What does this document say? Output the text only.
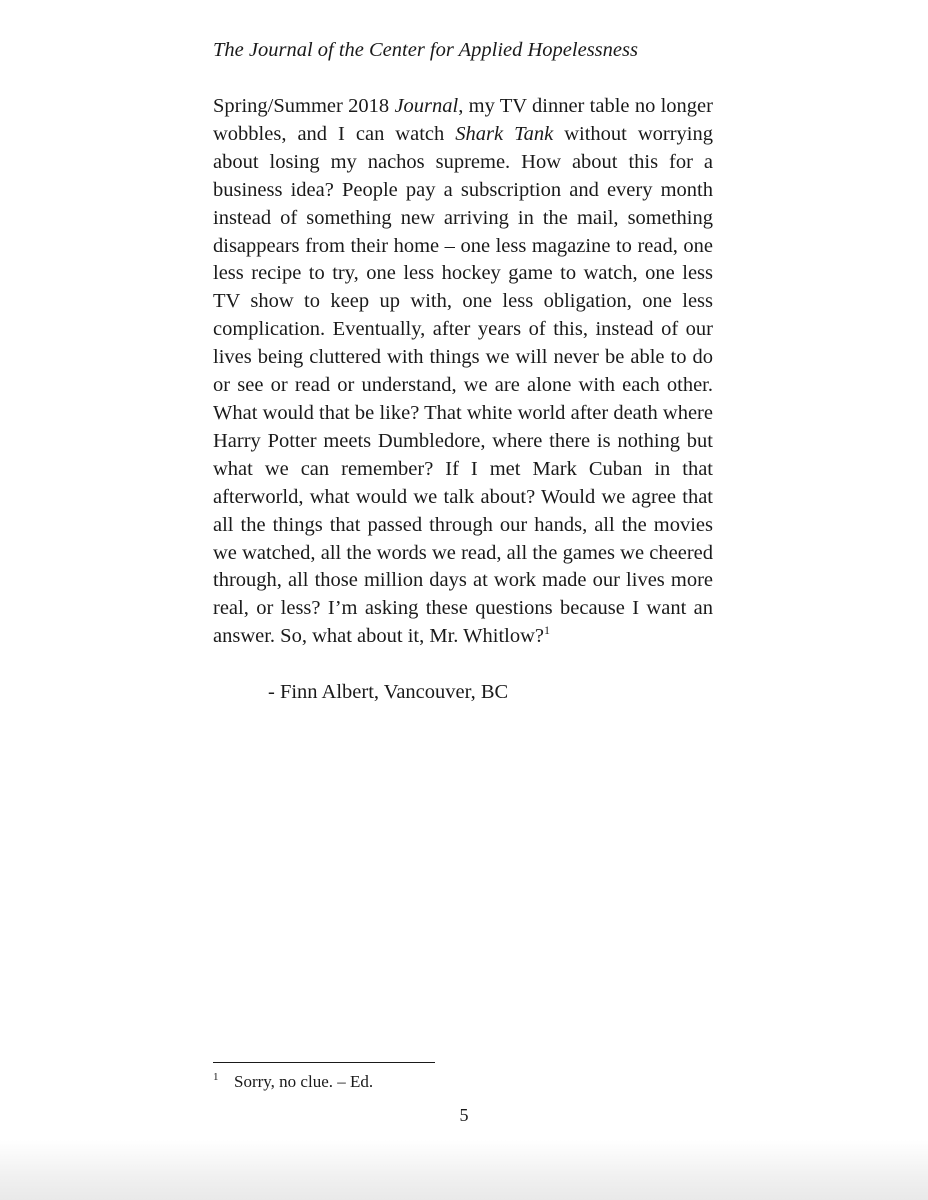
The Journal of the Center for Applied Hopelessness

Spring/Summer 2018 Journal, my TV dinner table no longer wobbles, and I can watch Shark Tank without worrying about losing my nachos supreme. How about this for a business idea? People pay a subscription and every month instead of something new arriving in the mail, something disappears from their home – one less magazine to read, one less recipe to try, one less hockey game to watch, one less TV show to keep up with, one less obligation, one less complication. Eventually, after years of this, instead of our lives being cluttered with things we will never be able to do or see or read or understand, we are alone with each other. What would that be like? That white world after death where Harry Potter meets Dumbledore, where there is nothing but what we can remember? If I met Mark Cuban in that afterworld, what would we talk about? Would we agree that all the things that passed through our hands, all the movies we watched, all the words we read, all the games we cheered through, all those million days at work made our lives more real, or less? I’m asking these questions because I want an answer. So, what about it, Mr. Whitlow?$^1$

- Finn Albert, Vancouver, BC
1 Sorry, no clue. – Ed.
5
